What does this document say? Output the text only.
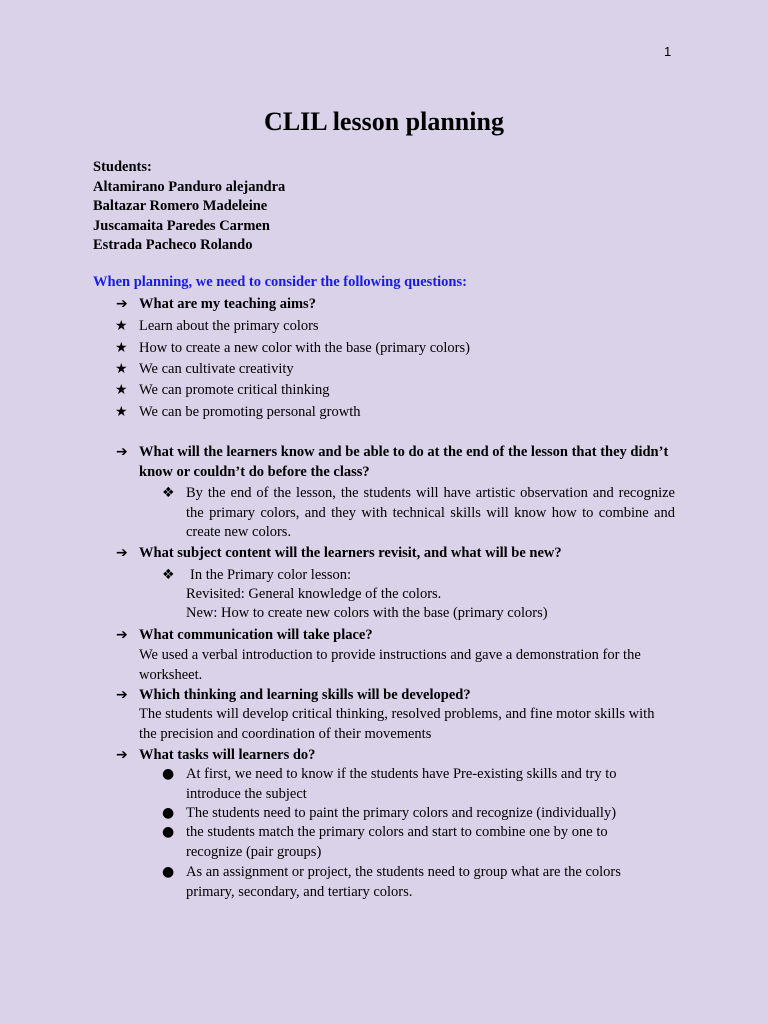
1
CLIL lesson planning
Students:
Altamirano Panduro alejandra
Baltazar Romero Madeleine
Juscamaita Paredes Carmen
Estrada Pacheco Rolando
When planning, we need to consider the following questions:
➔ What are my teaching aims?
★ Learn about the primary colors
★ How to create a new color with the base (primary colors)
★ We can cultivate creativity
★ We can promote critical thinking
★ We can be promoting personal growth
➔ What will the learners know and be able to do at the end of the lesson that they didn’t know or couldn’t do before the class?
❖ By the end of the lesson, the students will have artistic observation and recognize the primary colors, and they with technical skills will know how to combine and create new colors.
➔ What subject content will the learners revisit, and what will be new?
❖ In the Primary color lesson:
Revisited: General knowledge of the colors.
New: How to create new colors with the base (primary colors)
➔ What communication will take place?
We used a verbal introduction to provide instructions and gave a demonstration for the worksheet.
➔ Which thinking and learning skills will be developed?
The students will develop critical thinking, resolved problems, and fine motor skills with the precision and coordination of their movements
➔ What tasks will learners do?
● At first, we need to know if the students have Pre-existing skills and try to introduce the subject
● The students need to paint the primary colors and recognize (individually)
● the students match the primary colors and start to combine one by one to recognize (pair groups)
● As an assignment or project, the students need to group what are the colors primary, secondary, and tertiary colors.
